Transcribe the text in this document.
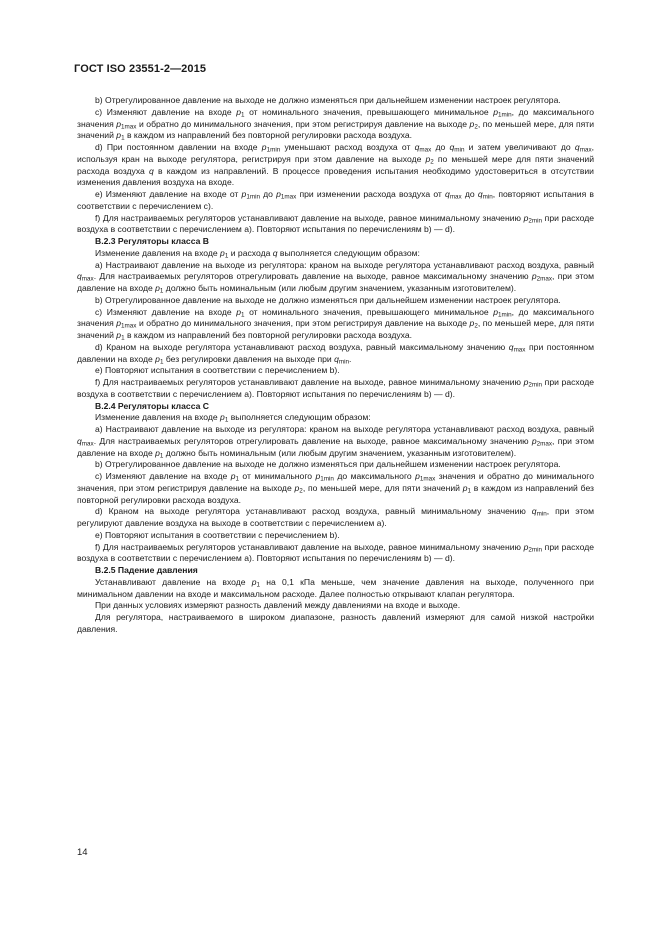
ГОСТ ISO 23551-2—2015
b) Отрегулированное давление на выходе не должно изменяться при дальнейшем изменении настроек регулятора.
c) Изменяют давление на входе $p_1$ от номинального значения, превышающего минимальное $p_{1min}$, до максимального значения $p_{1max}$ и обратно до минимального значения, при этом регистрируя давление на выходе $p_2$, по меньшей мере, для пяти значений $p_1$ в каждом из направлений без повторной регулировки расхода воздуха.
d) При постоянном давлении на входе $p_{1min}$ уменьшают расход воздуха от $q_{max}$ до $q_{min}$ и затем увеличивают до $q_{max}$, используя кран на выходе регулятора, регистрируя при этом давление на выходе $p_2$ по меньшей мере для пяти значений расхода воздуха q в каждом из направлений. В процессе проведения испытания необходимо удостовериться в отсутствии изменения давления воздуха на входе.
e) Изменяют давление на входе от $p_{1min}$ до $p_{1max}$ при изменении расхода воздуха от $q_{max}$ до $q_{min}$, повторяют испытания в соответствии с перечислением с).
f) Для настраиваемых регуляторов устанавливают давление на выходе, равное минимальному значению $p_{2min}$ при расходе воздуха в соответствии с перечислением а). Повторяют испытания по перечислениям b) — d).
B.2.3 Регуляторы класса В
Изменение давления на входе $p_1$ и расхода q выполняется следующим образом:
а) Настраивают давление на выходе из регулятора: краном на выходе регулятора устанавливают расход воздуха, равный $q_{max}$. Для настраиваемых регуляторов отрегулировать давление на выходе, равное максимальному значению $p_{2max}$, при этом давление на входе $p_1$ должно быть номинальным (или любым другим значением, указанным изготовителем).
b) Отрегулированное давление на выходе не должно изменяться при дальнейшем изменении настроек регулятора.
c) Изменяют давление на входе $p_1$ от номинального значения, превышающего минимальное $p_{1min}$, до максимального значения $p_{1max}$ и обратно до минимального значения, при этом регистрируя давление на выходе $p_2$, по меньшей мере, для пяти значений $p_1$ в каждом из направлений без повторной регулировки расхода воздуха.
d) Краном на выходе регулятора устанавливают расход воздуха, равный максимальному значению $q_{max}$ при постоянном давлении на входе $p_1$ без регулировки давления на выходе при $q_{min}$.
e) Повторяют испытания в соответствии с перечислением b).
f) Для настраиваемых регуляторов устанавливают давление на выходе, равное минимальному значению $p_{2min}$ при расходе воздуха в соответствии с перечислением а). Повторяют испытания по перечислениям b) — d).
B.2.4 Регуляторы класса С
Изменение давления на входе $p_1$ выполняется следующим образом:
а) Настраивают давление на выходе из регулятора: краном на выходе регулятора устанавливают расход воздуха, равный $q_{max}$. Для настраиваемых регуляторов отрегулировать давление на выходе, равное максимальному значению $p_{2max}$, при этом давление на входе $p_1$ должно быть номинальным (или любым другим значением, указанным изготовителем).
b) Отрегулированное давление на выходе не должно изменяться при дальнейшем изменении настроек регулятора.
c) Изменяют давление на входе $p_1$ от минимального $p_{1min}$ до максимального $p_{1max}$ значения и обратно до минимального значения, при этом регистрируя давление на выходе $p_2$, по меньшей мере, для пяти значений $p_1$ в каждом из направлений без повторной регулировки расхода воздуха.
d) Краном на выходе регулятора устанавливают расход воздуха, равный минимальному значению $q_{min}$, при этом регулируют давление воздуха на выходе в соответствии с перечислением а).
e) Повторяют испытания в соответствии с перечислением b).
f) Для настраиваемых регуляторов устанавливают давление на выходе, равное минимальному значению $p_{2min}$ при расходе воздуха в соответствии с перечислением а). Повторяют испытания по перечислениям b) — d).
B.2.5 Падение давления
Устанавливают давление на входе $p_1$ на 0,1 кПа меньше, чем значение давления на выходе, полученного при минимальном давлении на входе и максимальном расходе. Далее полностью открывают клапан регулятора.
При данных условиях измеряют разность давлений между давлениями на входе и выходе.
Для регулятора, настраиваемого в широком диапазоне, разность давлений измеряют для самой низкой настройки давления.
14
